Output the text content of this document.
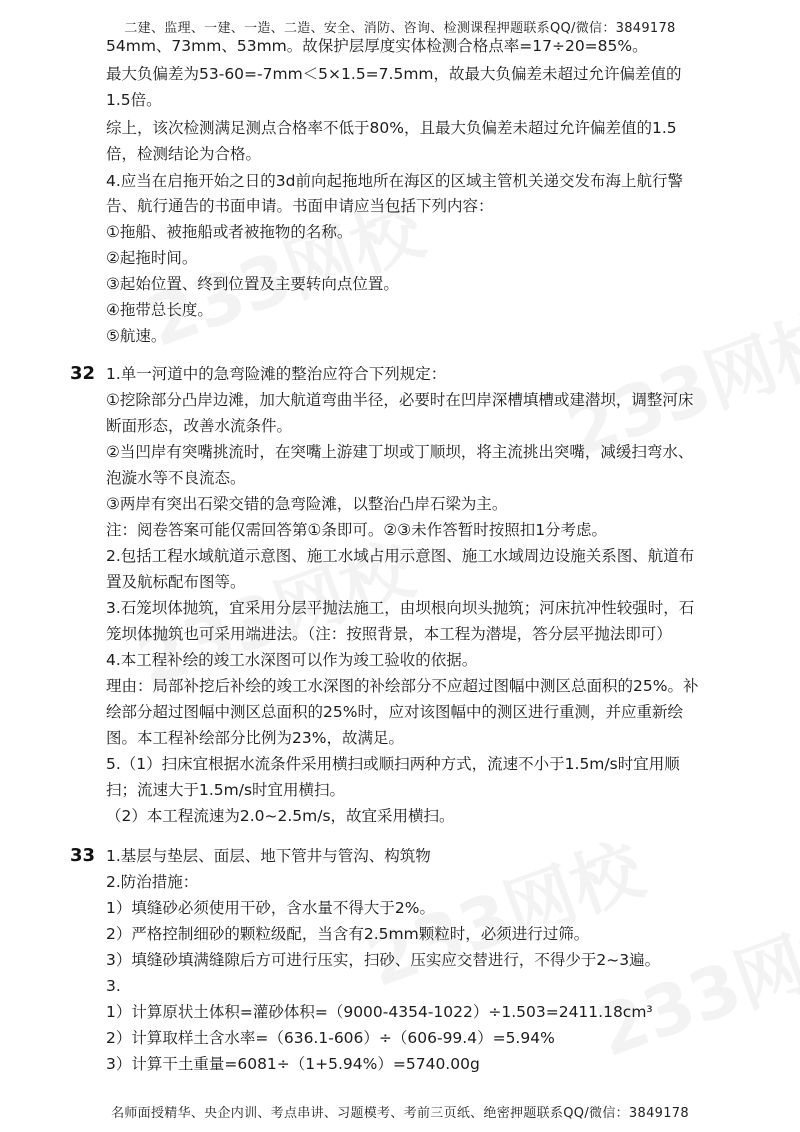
二建、监理、一建、一造、二造、安全、消防、咨询、检测课程押题联系QQ/微信：3849178
54mm、73mm、53mm。故保护层厚度实体检测合格点率=17÷20=85%。
最大负偏差为53-60=-7mm＜5×1.5=7.5mm，故最大负偏差未超过允许偏差值的
1.5倍。
综上，该次检测满足测点合格率不低于80%，且最大负偏差未超过允许偏差值的1.5
倍，检测结论为合格。
4.应当在启拖开始之日的3d前向起拖地所在海区的区域主管机关递交发布海上航行警
告、航行通告的书面申请。书面申请应当包括下列内容：
①拖船、被拖船或者被拖物的名称。
②起拖时间。
③起始位置、终到位置及主要转向点位置。
④拖带总长度。
⑤航速。
32 1.单一河道中的急弯险滩的整治应符合下列规定：
①挖除部分凸岸边滩，加大航道弯曲半径，必要时在凹岸深槽填槽或建潜坝，调整河床
断面形态，改善水流条件。
②当凹岸有突嘴挑流时，在突嘴上游建丁坝或丁顺坝，将主流挑出突嘴，减缓扫弯水、
泡漩水等不良流态。
③两岸有突出石梁交错的急弯险滩，以整治凸岸石梁为主。
注：阅卷答案可能仅需回答第①条即可。②③未作答暂时按照扣1分考虑。
2.包括工程水域航道示意图、施工水域占用示意图、施工水域周边设施关系图、航道布
置及航标配布图等。
3.石笼坝体抛筑，宜采用分层平抛法施工，由坝根向坝头抛筑；河床抗冲性较强时，石
笼坝体抛筑也可采用端进法。（注：按照背景，本工程为潜堤，答分层平抛法即可）
4.本工程补绘的竣工水深图可以作为竣工验收的依据。
理由：局部补挖后补绘的竣工水深图的补绘部分不应超过图幅中测区总面积的25%。补
绘部分超过图幅中测区总面积的25%时，应对该图幅中的测区进行重测，并应重新绘
图。本工程补绘部分比例为23%，故满足。
5.（1）扫床宜根据水流条件采用横扫或顺扫两种方式，流速不小于1.5m/s时宜用顺
扫；流速大于1.5m/s时宜用横扫。
（2）本工程流速为2.0~2.5m/s，故宜采用横扫。
33 1.基层与垫层、面层、地下管井与管沟、构筑物
2.防治措施：
1）填缝砂必须使用干砂，含水量不得大于2%。
2）严格控制细砂的颗粒级配，当含有2.5mm颗粒时，必须进行过筛。
3）填缝砂填满缝隙后方可进行压实，扫砂、压实应交替进行，不得少于2~3遍。
3.
1）计算原状土体积=灌砂体积=（9000-4354-1022）÷1.503=2411.18cm³
2）计算取样土含水率=（636.1-606）÷（606-99.4）=5.94%
3）计算干土重量=6081÷（1+5.94%）=5740.00g
名师面授精华、央企内训、考点串讲、习题模考、考前三页纸、绝密押题联系QQ/微信：3849178
